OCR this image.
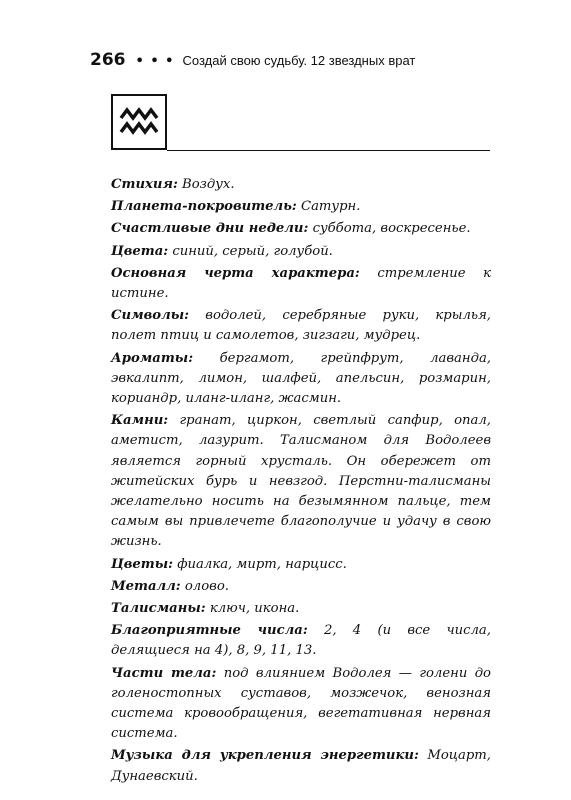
266 • • • Создай свою судьбу. 12 звездных врат

Стихия: Воздух.

Планета-покровитель: Сатурн.

Счастливые дни недели: суббота, воскресенье.

Цвета: синий, серый, голубой.

Основная черта характера: стремление к истине.

Символы: водолей, серебряные руки, крылья, полет птиц и самолетов, зигзаги, мудрец.

Ароматы: бергамот, грейпфрут, лаванда, эвкалипт, лимон, шалфей, апельсин, розмарин, кориандр, иланг-иланг, жасмин.

Камни: гранат, циркон, светлый сапфир, опал, аметист, лазурит. Талисманом для Водолеев является горный хрусталь. Он обережет от житейских бурь и невзгод. Перстни-талисманы желательно носить на безымянном пальце, тем самым вы привлечете благополучие и удачу в свою жизнь.

Цветы: фиалка, мирт, нарцисс.

Металл: олово.

Талисманы: ключ, икона.

Благоприятные числа: 2, 4 (и все числа, делящиеся на 4), 8, 9, 11, 13.

Части тела: под влиянием Водолея — голени до голеностопных суставов, мозжечок, венозная система кровообращения, вегетативная нервная система.

Музыка для укрепления энергетики: Моцарт, Дунаевский.
